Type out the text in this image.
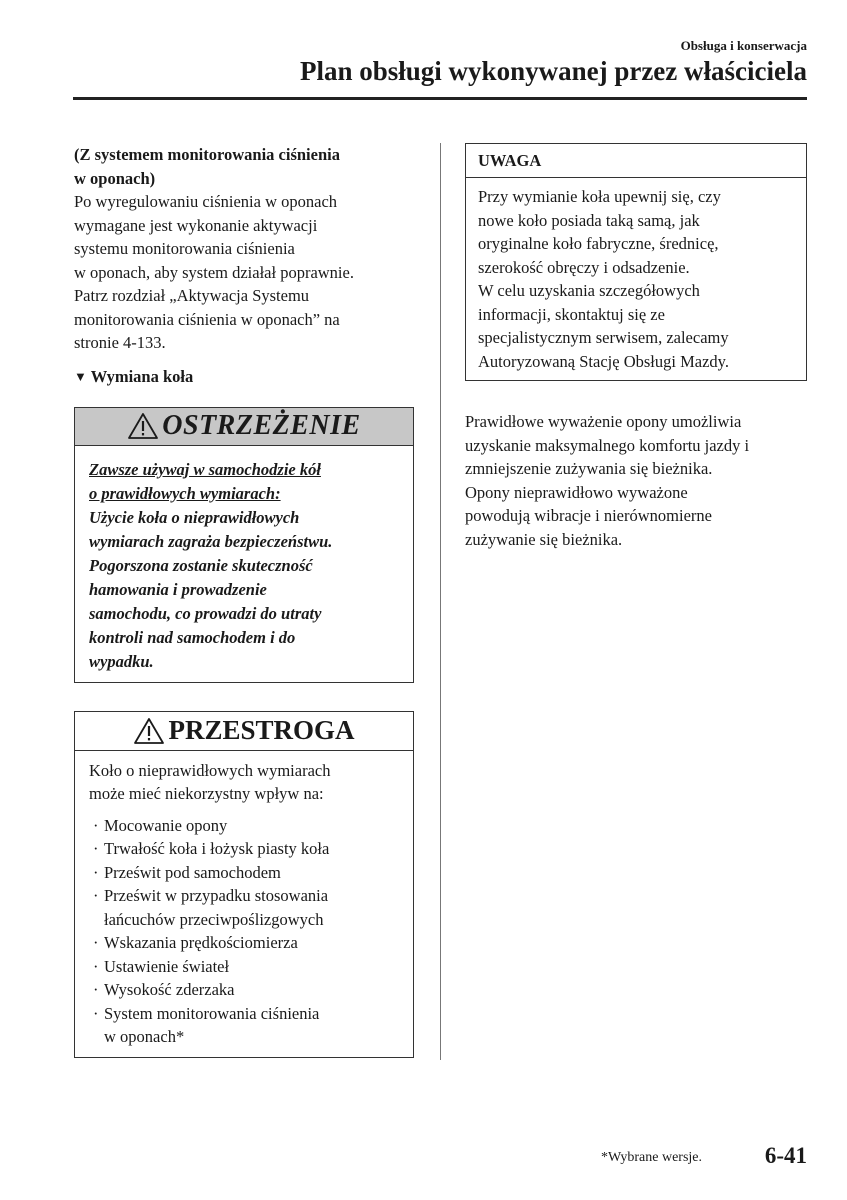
Obsługa i konserwacja
Plan obsługi wykonywanej przez właściciela

(Z systemem monitorowania ciśnienia
w oponach)

Po wyregulowaniu ciśnienia w oponach
wymagane jest wykonanie aktywacji
systemu monitorowania ciśnienia
w oponach, aby system działał poprawnie.
Patrz rozdział „Aktywacja Systemu
monitorowania ciśnienia w oponach” na
stronie 4-133.

▼ Wymiana koła

OSTRZEŻENIE
Zawsze używaj w samochodzie kół
o prawidłowych wymiarach:
Użycie koła o nieprawidłowych
wymiarach zagraża bezpieczeństwu.
Pogorszona zostanie skuteczność
hamowania i prowadzenie
samochodu, co prowadzi do utraty
kontroli nad samochodem i do
wypadku.
PRZESTROGA

Koło o nieprawidłowych wymiarach
może mieć niekorzystny wpływ na:

· Mocowanie opony
· Trwałość koła i łożysk piasty koła
· Prześwit pod samochodem
· Prześwit w przypadku stosowania
łańcuchów przeciwpoślizgowych
· Wskazania prędkościomierza
· Ustawienie świateł
· Wysokość zderzaka
· System monitorowania ciśnienia
w oponach*
UWAGA
Przy wymianie koła upewnij się, czy
nowe koło posiada taką samą, jak
oryginalne koło fabryczne, średnicę,
szerokość obręczy i odsadzenie.
W celu uzyskania szczegółowych
informacji, skontaktuj się ze
specjalistycznym serwisem, zalecamy
Autoryzowaną Stację Obsługi Mazdy.

Prawidłowe wyważenie opony umożliwia
uzyskanie maksymalnego komfortu jazdy i
zmniejszenie zużywania się bieżnika.
Opony nieprawidłowo wyważone
powodują wibracje i nierównomierne
zużywanie się bieżnika.

*Wybrane wersje.	6-41
